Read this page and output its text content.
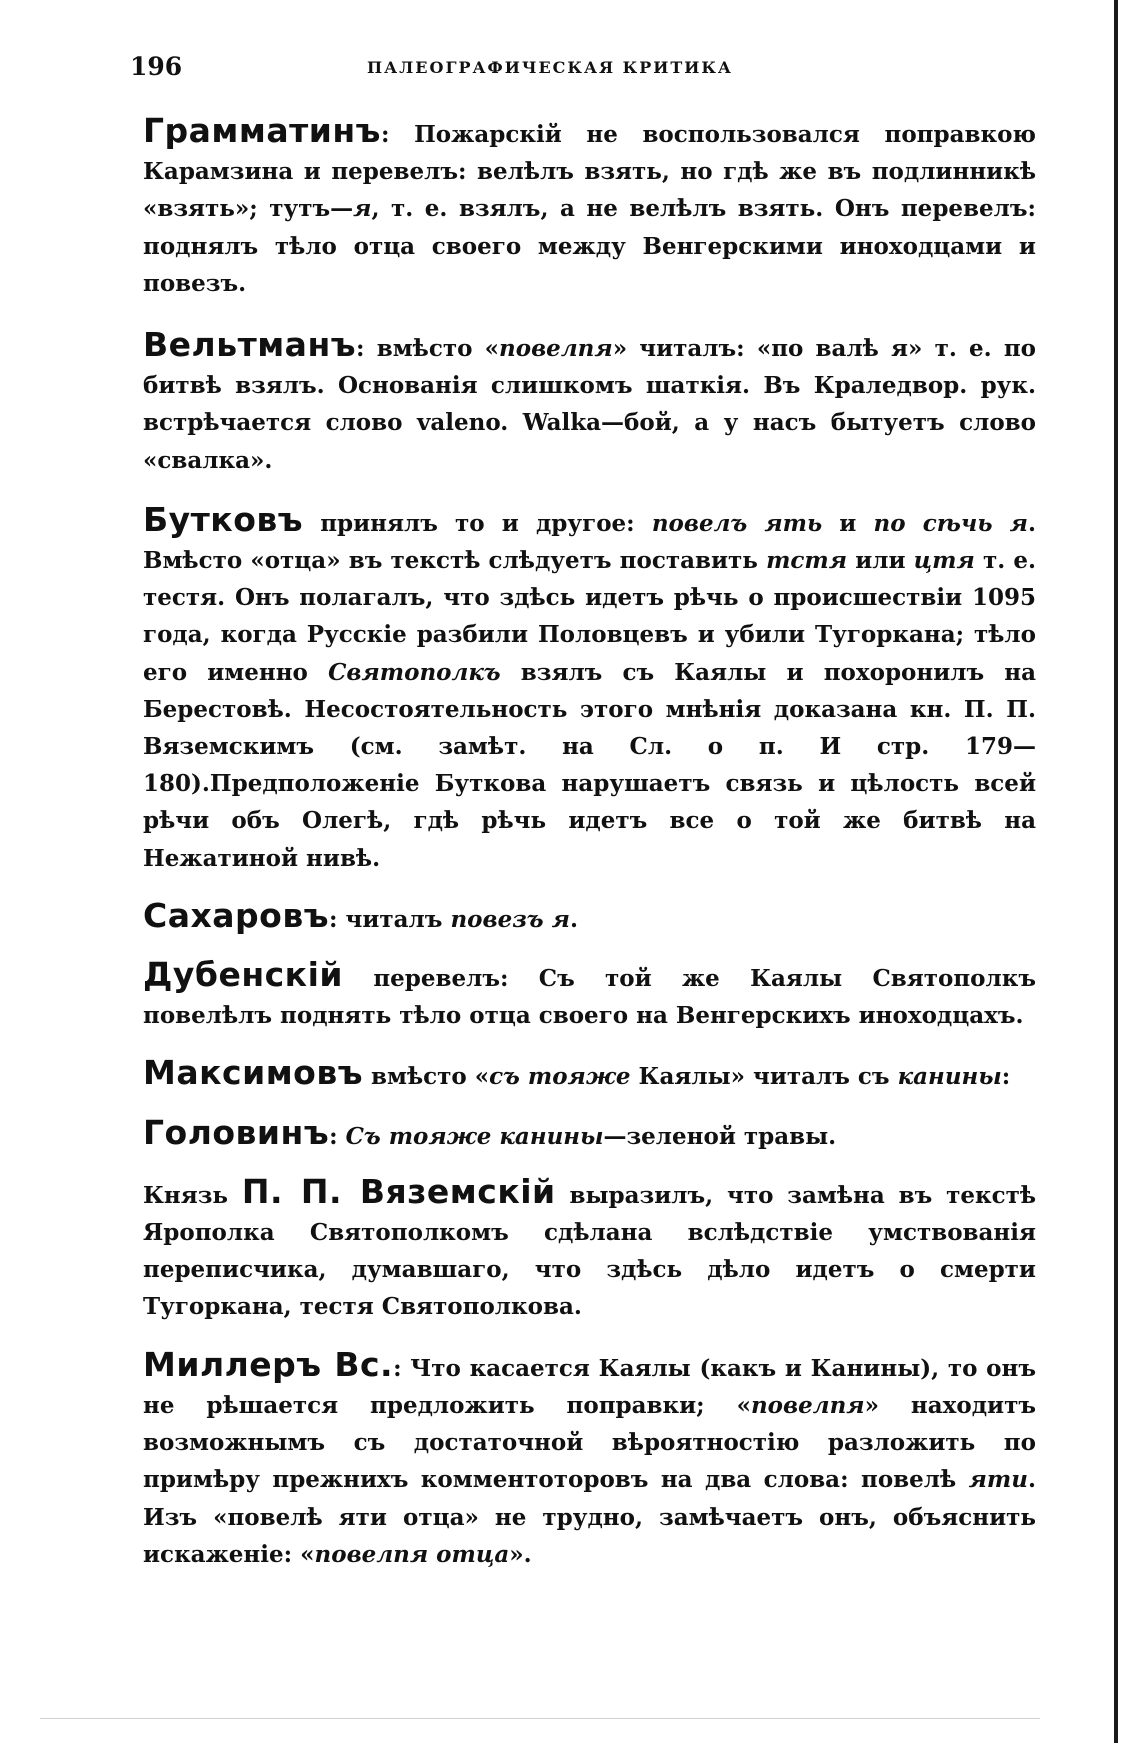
196	ПАЛЕОГРАФИЧЕСКАЯ КРИТИКА

Грамматинъ: Пожарскій не воспользовался поправкою Карамзина и перевелъ: велѣлъ взять, но гдѣ же въ подлинникѣ «взять»; тутъ—я, т. е. взялъ, а не велѣлъ взять. Онъ перевелъ: поднялъ тѣло отца своего между Венгерскими иноходцами и повезъ.

Вельтманъ: вмѣсто «повелпя» читалъ: «по валѣ я» т. е. по битвѣ взялъ. Основанія слишкомъ шаткія. Въ Краледвор. рук. встрѣчается слово valeno. Walka—бой, а у насъ бытуетъ слово «свалка».

Бутковъ принялъ то и другое: повелъ ять и по сѣчь я. Вмѣсто «отца» въ текстѣ слѣдуетъ поставить тстя или цтя т. е. тестя. Онъ полагалъ, что здѣсь идетъ рѣчь о происшествіи 1095 года, когда Русскіе разбили Половцевъ и убили Тугоркана; тѣло его именно Святополкъ взялъ съ Каялы и похоронилъ на Берестовѣ. Несостоятельность этого мнѣнія доказана кн. П. П. Вяземскимъ (см. замѣт. на Сл. о п. И стр. 179—180).Предположеніе Буткова нарушаетъ связь и цѣлость всей рѣчи объ Олегѣ, гдѣ рѣчь идетъ все о той же битвѣ на Нежатиной нивѣ.

Сахаровъ: читалъ повезъ я.

Дубенскій перевелъ: Съ той же Каялы Святополкъ повелѣлъ поднять тѣло отца своего на Венгерскихъ иноходцахъ.

Максимовъ вмѣсто «съ тояже Каялы» читалъ съ канины:

Головинъ: Съ тояже канины—зеленой травы.

Князь П. П. Вяземскій выразилъ, что замѣна въ текстѣ Ярополка Святополкомъ сдѣлана вслѣдствіе умствованія переписчика, думавшаго, что здѣсь дѣло идетъ о смерти Тугоркана, тестя Святополкова.

Миллеръ Вс.: Что касается Каялы (какъ и Канины), то онъ не рѣшается предложить поправки; «повелпя» находитъ возможнымъ съ достаточной вѣроятностію разложить по примѣру прежнихъ комментоторовъ на два слова: повелѣ яти. Изъ «повелѣ яти отца» не трудно, замѣчаетъ онъ, объяснить искаженіе: «повелпя отца».
